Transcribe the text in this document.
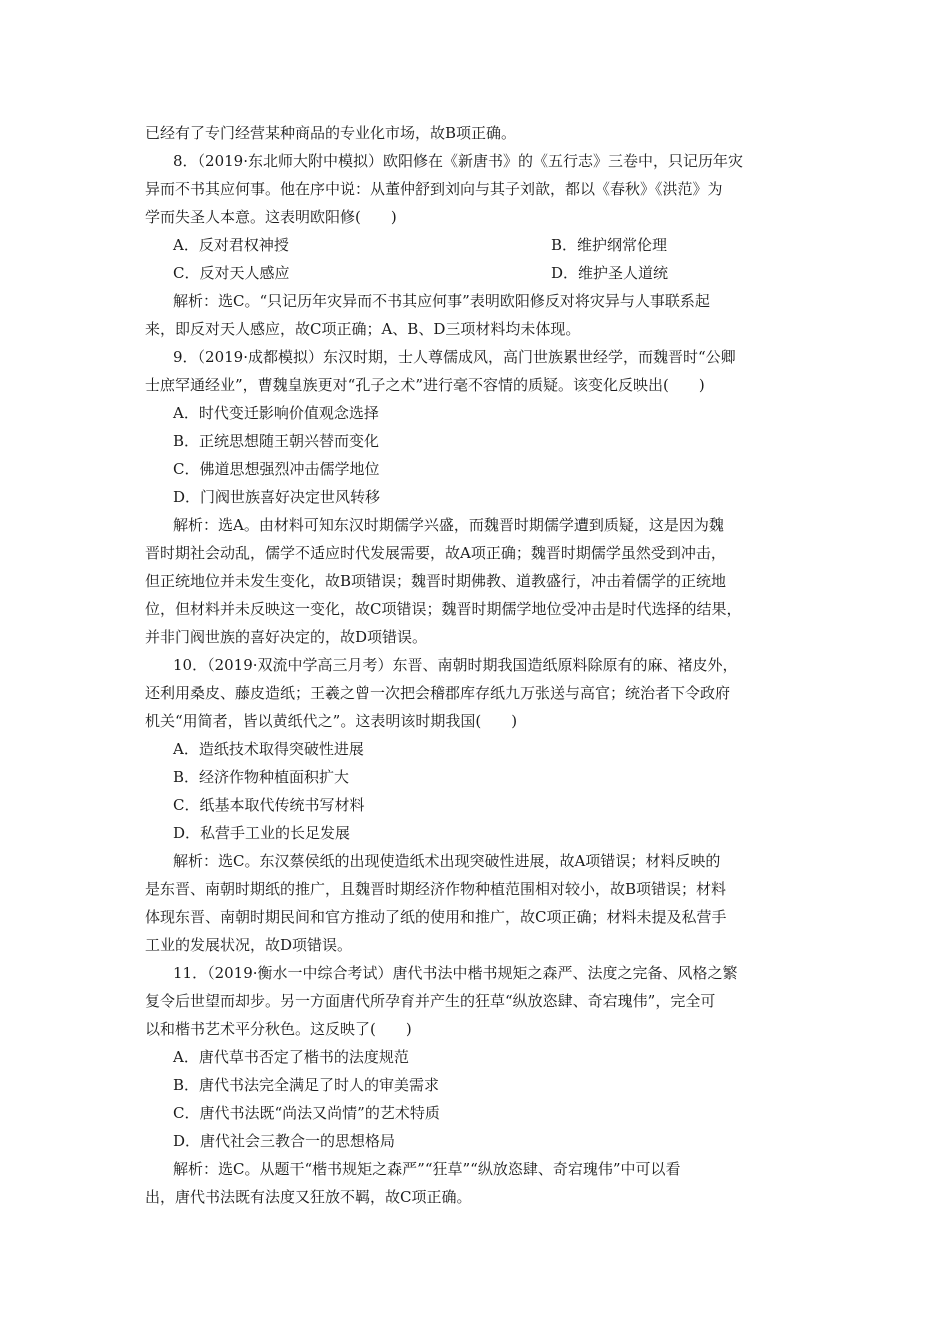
已经有了专门经营某种商品的专业化市场，故B项正确。
8．（2019·东北师大附中模拟）欧阳修在《新唐书》的《五行志》三卷中，只记历年灾
异而不书其应何事。他在序中说：从董仲舒到刘向与其子刘歆，都以《春秋》《洪范》为
学而失圣人本意。这表明欧阳修(　　)
A．反对君权神授	B．维护纲常伦理
C．反对天人感应	D．维护圣人道统
解析：选C。“只记历年灾异而不书其应何事”表明欧阳修反对将灾异与人事联系起
来，即反对天人感应，故C项正确；A、B、D三项材料均未体现。
9．（2019·成都模拟）东汉时期，士人尊儒成风，高门世族累世经学，而魏晋时“公卿
士庶罕通经业”，曹魏皇族更对“孔子之术”进行毫不容情的质疑。该变化反映出(　　)
A．时代变迁影响价值观念选择
B．正统思想随王朝兴替而变化
C．佛道思想强烈冲击儒学地位
D．门阀世族喜好决定世风转移
解析：选A。由材料可知东汉时期儒学兴盛，而魏晋时期儒学遭到质疑，这是因为魏
晋时期社会动乱，儒学不适应时代发展需要，故A项正确；魏晋时期儒学虽然受到冲击，
但正统地位并未发生变化，故B项错误；魏晋时期佛教、道教盛行，冲击着儒学的正统地
位，但材料并未反映这一变化，故C项错误；魏晋时期儒学地位受冲击是时代选择的结果，
并非门阀世族的喜好决定的，故D项错误。
10．（2019·双流中学高三月考）东晋、南朝时期我国造纸原料除原有的麻、褚皮外，
还利用桑皮、藤皮造纸；王羲之曾一次把会稽郡库存纸九万张送与高官；统治者下令政府
机关“用简者，皆以黄纸代之”。这表明该时期我国(　　)
A．造纸技术取得突破性进展
B．经济作物种植面积扩大
C．纸基本取代传统书写材料
D．私营手工业的长足发展
解析：选C。东汉蔡侯纸的出现使造纸术出现突破性进展，故A项错误；材料反映的
是东晋、南朝时期纸的推广，且魏晋时期经济作物种植范围相对较小，故B项错误；材料
体现东晋、南朝时期民间和官方推动了纸的使用和推广，故C项正确；材料未提及私营手
工业的发展状况，故D项错误。
11．（2019·衡水一中综合考试）唐代书法中楷书规矩之森严、法度之完备、风格之繁
复令后世望而却步。另一方面唐代所孕育并产生的狂草“纵放恣肆、奇宕瑰伟”，完全可
以和楷书艺术平分秋色。这反映了(　　)
A．唐代草书否定了楷书的法度规范
B．唐代书法完全满足了时人的审美需求
C．唐代书法既“尚法又尚情”的艺术特质
D．唐代社会三教合一的思想格局
解析：选C。从题干“楷书规矩之森严”“狂草”“纵放恣肆、奇宕瑰伟”中可以看
出，唐代书法既有法度又狂放不羁，故C项正确。
